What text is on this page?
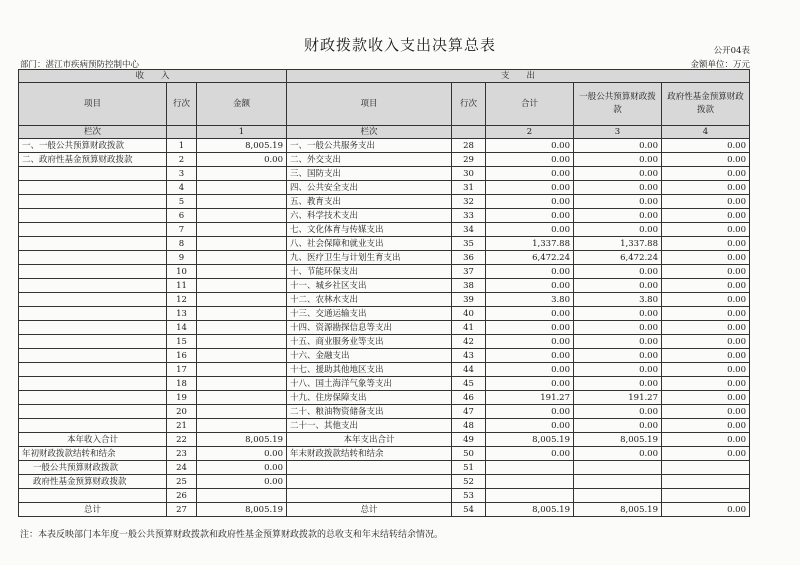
财政拨款收入支出决算总表	公开04表
部门：湛江市疾病预防控制中心	金额单位：万元
收　　入			支　　出				
项目	行次	金额	项目	行次	合计	一般公共预算财政拨款	政府性基金预算财政拨款
栏次		1	栏次		2	3	4
一、一般公共预算财政拨款	1	8,005.19	一、一般公共服务支出	28	0.00	0.00	0.00
二、政府性基金预算财政拨款	2	0.00	二、外交支出	29	0.00	0.00	0.00
	3		三、国防支出	30	0.00	0.00	0.00
	4		四、公共安全支出	31	0.00	0.00	0.00
	5		五、教育支出	32	0.00	0.00	0.00
	6		六、科学技术支出	33	0.00	0.00	0.00
	7		七、文化体育与传媒支出	34	0.00	0.00	0.00
	8		八、社会保障和就业支出	35	1,337.88	1,337.88	0.00
	9		九、医疗卫生与计划生育支出	36	6,472.24	6,472.24	0.00
	10		十、节能环保支出	37	0.00	0.00	0.00
	11		十一、城乡社区支出	38	0.00	0.00	0.00
	12		十二、农林水支出	39	3.80	3.80	0.00
	13		十三、交通运输支出	40	0.00	0.00	0.00
	14		十四、资源勘探信息等支出	41	0.00	0.00	0.00
	15		十五、商业服务业等支出	42	0.00	0.00	0.00
	16		十六、金融支出	43	0.00	0.00	0.00
	17		十七、援助其他地区支出	44	0.00	0.00	0.00
	18		十八、国土海洋气象等支出	45	0.00	0.00	0.00
	19		十九、住房保障支出	46	191.27	191.27	0.00
	20		二十、粮油物资储备支出	47	0.00	0.00	0.00
	21		二十一、其他支出	48	0.00	0.00	0.00
本年收入合计	22	8,005.19	本年支出合计	49	8,005.19	8,005.19	0.00
年初财政拨款结转和结余	23	0.00	年末财政拨款结转和结余	50	0.00	0.00	0.00
一般公共预算财政拨款	24	0.00		51			
政府性基金预算财政拨款	25	0.00		52			
	26			53			
总计	27	8,005.19	总计	54	8,005.19	8,005.19	0.00
注：本表反映部门本年度一般公共预算财政拨款和政府性基金预算财政拨款的总收支和年末结转结余情况。
